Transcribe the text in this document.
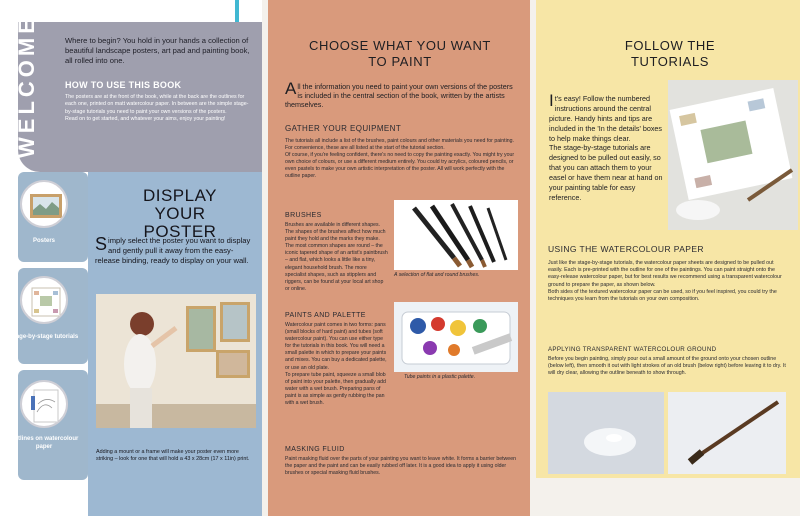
WELCOME	Where to begin? You hold in your hands a collection of beautiful landscape posters, art pad and painting book, all rolled into one.
HOW TO USE THIS BOOK
The posters are at the front of the book, while at the back are the outlines for each one, printed on matt watercolour paper. In between are the simple stage-by-stage tutorials you need to paint your own versions of the posters.
Read on to get started, and whatever your aims, enjoy your painting!
Posters
Stage-by-stage tutorials
Outlines on watercolour paper
DISPLAY YOUR POSTER
Simply select the poster you want to display and gently pull it away from the easy-release binding, ready to display on your wall.
Adding a mount or a frame will make your poster even more striking – look for one that will hold a 43 x 28cm (17 x 11in) print.
CHOOSE WHAT YOU WANT TO PAINT
All the information you need to paint your own versions of the posters is included in the central section of the book, written by the artists themselves.
GATHER YOUR EQUIPMENT
The tutorials all include a list of the brushes, paint colours and other materials you need for painting. For convenience, these are all listed at the start of the tutorial section.
Of course, if you're feeling confident, there's no need to copy the painting exactly. You might try your own choice of colours, or use a different medium entirely. You could try acrylics, coloured pencils, or even pastels to make your own artistic interpretation of the poster. All will work perfectly with the outline paper.
BRUSHES
Brushes are available in different shapes. The shapes of the brushes affect how much paint they hold and the marks they make. The most common shapes are round – the iconic tapered shape of an artist's paintbrush – and flat, which looks a little like a tiny, elegant household brush. The more specialist shapes, such as stipplers and riggers, can be found at your local art shop or online.
A selection of flat and round brushes.
PAINTS AND PALETTE
Watercolour paint comes in two forms: pans (small blocks of hard paint) and tubes (soft watercolour paint). You can use either type for the tutorials in this book. You will need a small palette in which to prepare your paints and mixes. You can buy a dedicated palette, or use an old plate.
To prepare tube paint, squeeze a small blob of paint into your palette, then gradually add water with a wet brush. Preparing pans of paint is as simple as gently rubbing the pan with a wet brush.
Tube paints in a plastic palette.
MASKING FLUID
Paint masking fluid over the parts of your painting you want to leave white. It forms a barrier between the paper and the paint and can be easily rubbed off later. It is a good idea to apply it using older brushes or special masking fluid brushes.
FOLLOW THE TUTORIALS

It's easy! Follow the numbered instructions around the central picture. Handy hints and tips are included in the 'In the details' boxes to help make things clear.
The stage-by-stage tutorials are designed to be pulled out easily, so that you can attach them to your easel or have them near at hand on your painting table for easy reference.

USING THE WATERCOLOUR PAPER
Just like the stage-by-stage tutorials, the watercolour paper sheets are designed to be pulled out easily. Each is pre-printed with the outline for one of the paintings. You can paint straight onto the easy-release watercolour paper, but for best results we recommend using a transparent watercolour ground to prepare the paper, as shown below.
Both sides of the textured watercolour paper can be used, so if you feel inspired, you could try the techniques you learn from the tutorials on your own composition.
APPLYING TRANSPARENT WATERCOLOUR GROUND
Before you begin painting, simply pour out a small amount of the ground onto your chosen outline (below left), then smooth it out with light strokes of an old brush (below right) before leaving it to dry. It will dry clear, allowing the outline beneath to show through.
